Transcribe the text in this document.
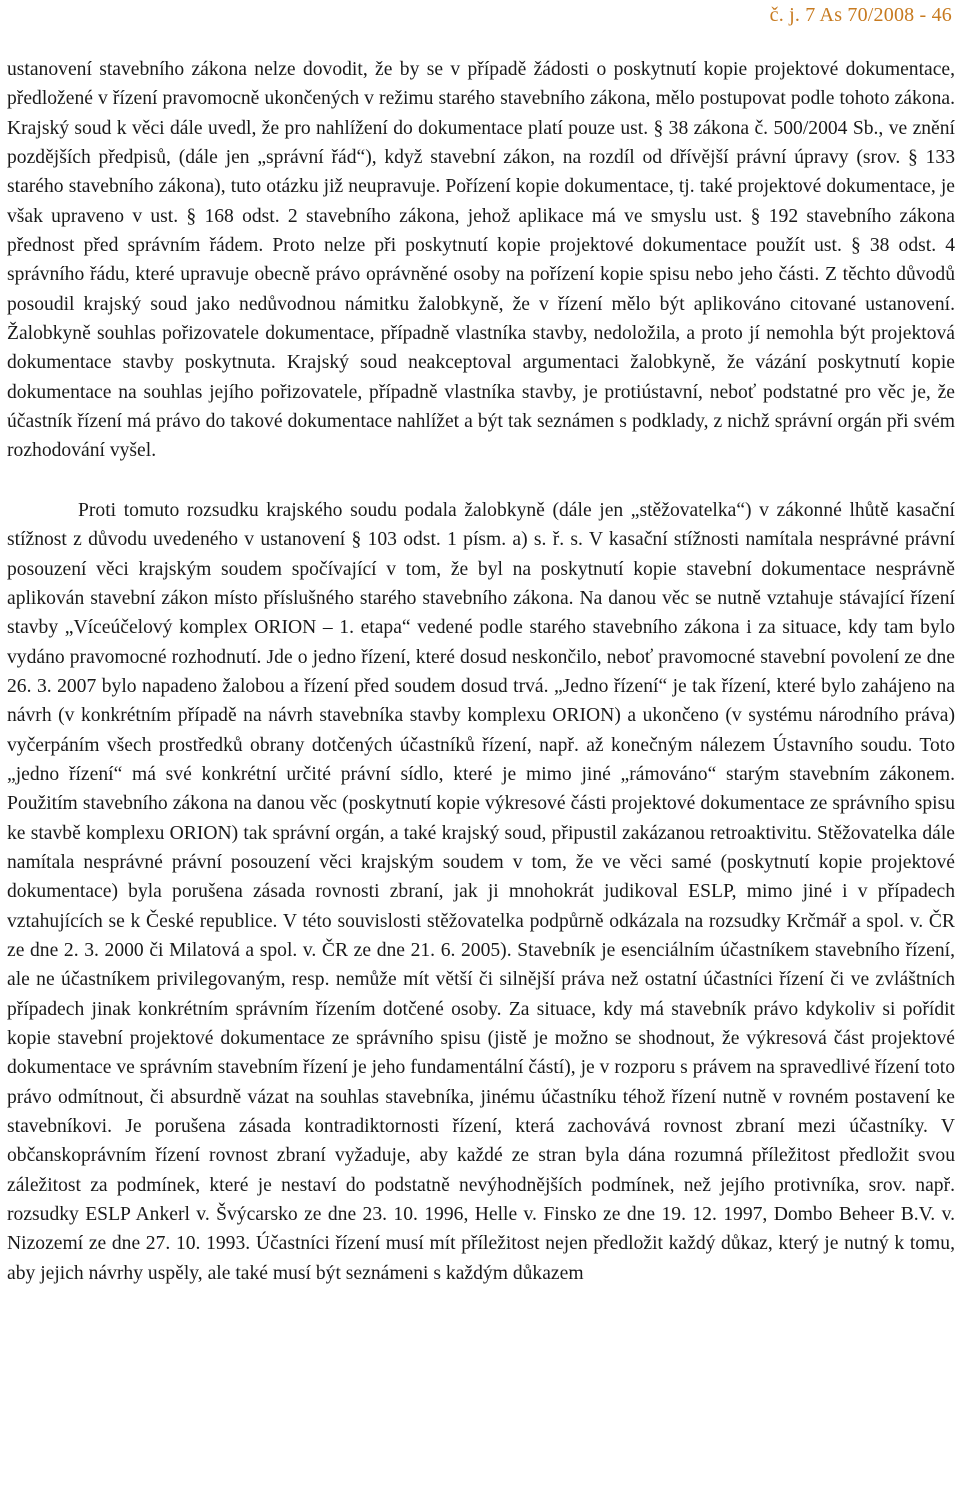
č. j. 7 As 70/2008 - 46

ustanovení stavebního zákona nelze dovodit, že by se v případě žádosti o poskytnutí kopie projektové dokumentace, předložené v řízení pravomocně ukončených v režimu starého stavebního zákona, mělo postupovat podle tohoto zákona. Krajský soud k věci dále uvedl, že pro nahlížení do dokumentace platí pouze ust. § 38 zákona č. 500/2004 Sb., ve znění pozdějších předpisů, (dále jen „správní řád“), když stavební zákon, na rozdíl od dřívější právní úpravy (srov. § 133 starého stavebního zákona), tuto otázku již neupravuje. Pořízení kopie dokumentace, tj. také projektové dokumentace, je však upraveno v ust. § 168 odst. 2 stavebního zákona, jehož aplikace má ve smyslu ust. § 192 stavebního zákona přednost před správním řádem. Proto nelze při poskytnutí kopie projektové dokumentace použít ust. § 38 odst. 4 správního řádu, které upravuje obecně právo oprávněné osoby na pořízení kopie spisu nebo jeho části. Z těchto důvodů posoudil krajský soud jako nedůvodnou námitku žalobkyně, že v řízení mělo být aplikováno citované ustanovení. Žalobkyně souhlas pořizovatele dokumentace, případně vlastníka stavby, nedoložila, a proto jí nemohla být projektová dokumentace stavby poskytnuta. Krajský soud neakceptoval argumentaci žalobkyně, že vázání poskytnutí kopie dokumentace na souhlas jejího pořizovatele, případně vlastníka stavby, je protiústavní, neboť podstatné pro věc je, že účastník řízení má právo do takové dokumentace nahlížet a být tak seznámen s podklady, z nichž správní orgán při svém rozhodování vyšel.

Proti tomuto rozsudku krajského soudu podala žalobkyně (dále jen „stěžovatelka“) v zákonné lhůtě kasační stížnost z důvodu uvedeného v ustanovení § 103 odst. 1 písm. a) s. ř. s. V kasační stížnosti namítala nesprávné právní posouzení věci krajským soudem spočívající v tom, že byl na poskytnutí kopie stavební dokumentace nesprávně aplikován stavební zákon místo příslušného starého stavebního zákona. Na danou věc se nutně vztahuje stávající řízení stavby „Víceúčelový komplex ORION – 1. etapa“ vedené podle starého stavebního zákona i za situace, kdy tam bylo vydáno pravomocné rozhodnutí. Jde o jedno řízení, které dosud neskončilo, neboť pravomocné stavební povolení ze dne 26. 3. 2007 bylo napadeno žalobou a řízení před soudem dosud trvá. „Jedno řízení“ je tak řízení, které bylo zahájeno na návrh (v konkrétním případě na návrh stavebníka stavby komplexu ORION) a ukončeno (v systému národního práva) vyčerpáním všech prostředků obrany dotčených účastníků řízení, např. až konečným nálezem Ústavního soudu. Toto „jedno řízení“ má své konkrétní určité právní sídlo, které je mimo jiné „rámováno“ starým stavebním zákonem. Použitím stavebního zákona na danou věc (poskytnutí kopie výkresové části projektové dokumentace ze správního spisu ke stavbě komplexu ORION) tak správní orgán, a také krajský soud, připustil zakázanou retroaktivitu. Stěžovatelka dále namítala nesprávné právní posouzení věci krajským soudem v tom, že ve věci samé (poskytnutí kopie projektové dokumentace) byla porušena zásada rovnosti zbraní, jak ji mnohokrát judikoval ESLP, mimo jiné i v případech vztahujících se k České republice. V této souvislosti stěžovatelka podpůrně odkázala na rozsudky Krčmář a spol. v. ČR ze dne 2. 3. 2000 či Milatová a spol. v. ČR ze dne 21. 6. 2005). Stavebník je esenciálním účastníkem stavebního řízení, ale ne účastníkem privilegovaným, resp. nemůže mít větší či silnější práva než ostatní účastníci řízení či ve zvláštních případech jinak konkrétním správním řízením dotčené osoby. Za situace, kdy má stavebník právo kdykoliv si pořídit kopie stavební projektové dokumentace ze správního spisu (jistě je možno se shodnout, že výkresová část projektové dokumentace ve správním stavebním řízení je jeho fundamentální částí), je v rozporu s právem na spravedlivé řízení toto právo odmítnout, či absurdně vázat na souhlas stavebníka, jinému účastníku téhož řízení nutně v rovném postavení ke stavebníkovi. Je porušena zásada kontradiktornosti řízení, která zachovává rovnost zbraní mezi účastníky. V občanskoprávním řízení rovnost zbraní vyžaduje, aby každé ze stran byla dána rozumná příležitost předložit svou záležitost za podmínek, které je nestaví do podstatně nevýhodnějších podmínek, než jejího protivníka, srov. např. rozsudky ESLP Ankerl v. Švýcarsko ze dne 23. 10. 1996, Helle v. Finsko ze dne 19. 12. 1997, Dombo Beheer B.V. v. Nizozemí ze dne 27. 10. 1993. Účastníci řízení musí mít příležitost nejen předložit každý důkaz, který je nutný k tomu, aby jejich návrhy uspěly, ale také musí být seznámeni s každým důkazem
